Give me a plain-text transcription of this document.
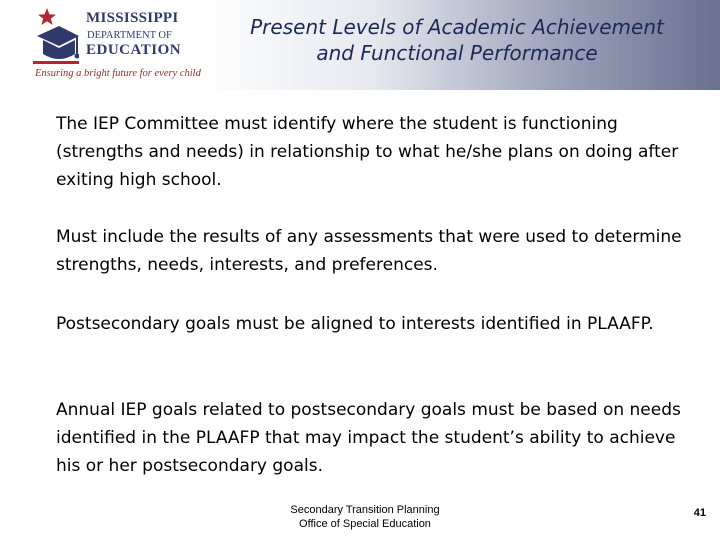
MISSISSIPPI
DEPARTMENT OF
EDUCATION
Ensuring a bright future for every child
Present Levels of Academic Achievement
and Functional Performance

The IEP Committee must identify where the student is functioning (strengths and needs) in relationship to what he/she plans on doing after exiting high school.

Must include the results of any assessments that were used to determine strengths, needs, interests, and preferences.

Postsecondary goals must be aligned to interests identified in PLAAFP.

Annual IEP goals related to postsecondary goals must be based on needs identified in the PLAAFP that may impact the student’s ability to achieve his or her postsecondary goals.

Secondary Transition Planning
Office of Special Education
41
